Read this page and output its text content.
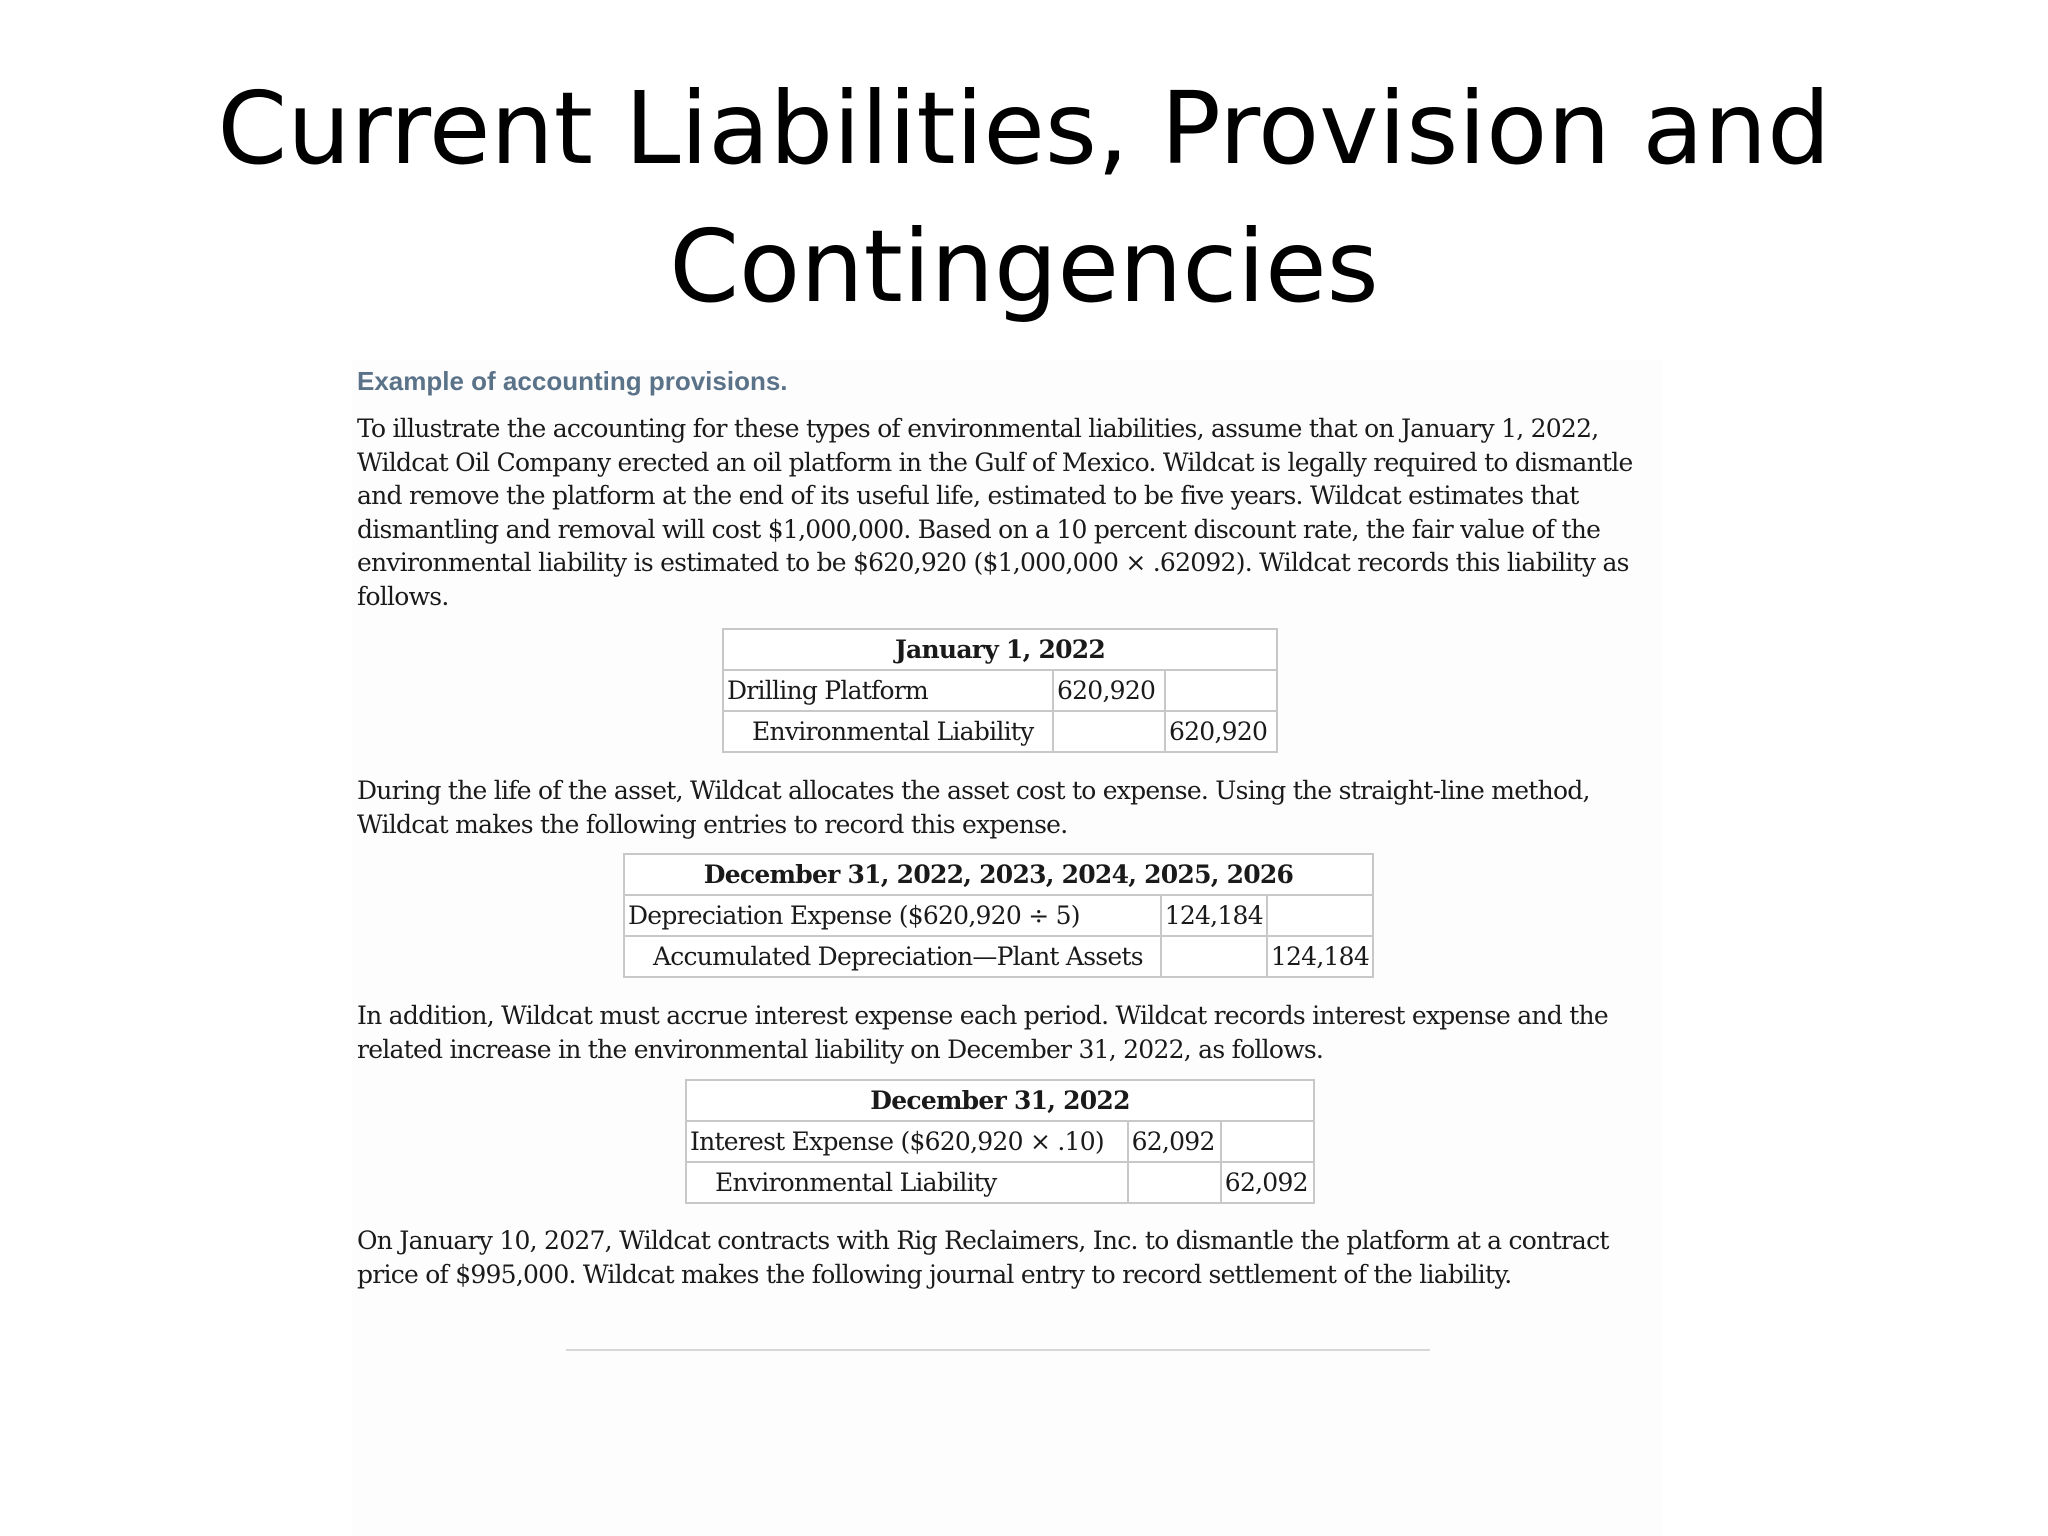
Current Liabilities, Provision and Contingencies
Example of accounting provisions.

To illustrate the accounting for these types of environmental liabilities, assume that on January 1, 2022, Wildcat Oil Company erected an oil platform in the Gulf of Mexico. Wildcat is legally required to dismantle and remove the platform at the end of its useful life, estimated to be five years. Wildcat estimates that dismantling and removal will cost $1,000,000. Based on a 10 percent discount rate, the fair value of the environmental liability is estimated to be $620,920 ($1,000,000 × .62092). Wildcat records this liability as follows.

January 1, 2022		
Drilling Platform	620,920	
Environmental Liability		620,920

During the life of the asset, Wildcat allocates the asset cost to expense. Using the straight-line method, Wildcat makes the following entries to record this expense.

December 31, 2022, 2023, 2024, 2025, 2026		
Depreciation Expense ($620,920 ÷ 5)	124,184	
Accumulated Depreciation—Plant Assets		124,184

In addition, Wildcat must accrue interest expense each period. Wildcat records interest expense and the related increase in the environmental liability on December 31, 2022, as follows.

December 31, 2022		
Interest Expense ($620,920 × .10)	62,092	
Environmental Liability		62,092

On January 10, 2027, Wildcat contracts with Rig Reclaimers, Inc. to dismantle the platform at a contract price of $995,000. Wildcat makes the following journal entry to record settlement of the liability.
